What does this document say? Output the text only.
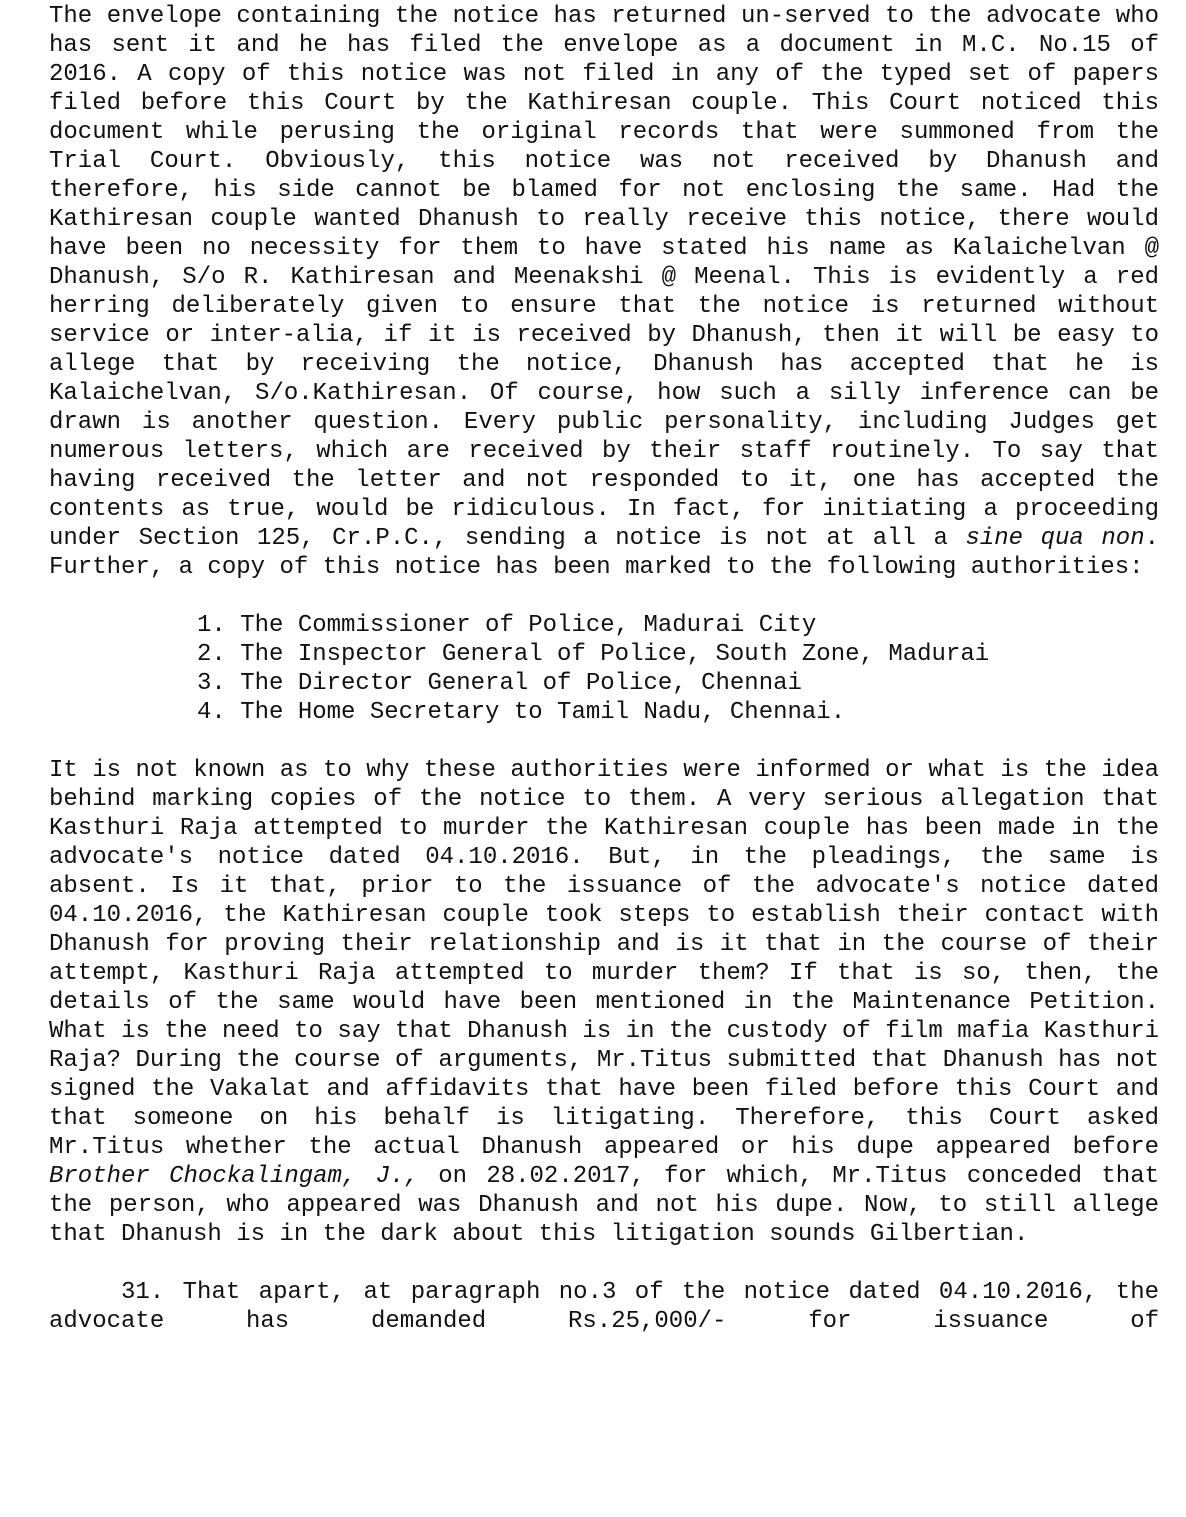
The envelope containing the notice has returned un-served to the advocate who has sent it and he has filed the envelope as a document in M.C. No.15 of 2016. A copy of this notice was not filed in any of the typed set of papers filed before this Court by the Kathiresan couple. This Court noticed this document while perusing the original records that were summoned from the Trial Court. Obviously, this notice was not received by Dhanush and therefore, his side cannot be blamed for not enclosing the same. Had the Kathiresan couple wanted Dhanush to really receive this notice, there would have been no necessity for them to have stated his name as Kalaichelvan @ Dhanush, S/o R. Kathiresan and Meenakshi @ Meenal. This is evidently a red herring deliberately given to ensure that the notice is returned without service or inter-alia, if it is received by Dhanush, then it will be easy to allege that by receiving the notice, Dhanush has accepted that he is Kalaichelvan, S/o.Kathiresan. Of course, how such a silly inference can be drawn is another question. Every public personality, including Judges get numerous letters, which are received by their staff routinely. To say that having received the letter and not responded to it, one has accepted the contents as true, would be ridiculous. In fact, for initiating a proceeding under Section 125, Cr.P.C., sending a notice is not at all a sine qua non. Further, a copy of this notice has been marked to the following authorities:

1. The Commissioner of Police, Madurai City
2. The Inspector General of Police, South Zone, Madurai
3. The Director General of Police, Chennai
4. The Home Secretary to Tamil Nadu, Chennai.

It is not known as to why these authorities were informed or what is the idea behind marking copies of the notice to them. A very serious allegation that Kasthuri Raja attempted to murder the Kathiresan couple has been made in the advocate's notice dated 04.10.2016. But, in the pleadings, the same is absent. Is it that, prior to the issuance of the advocate's notice dated 04.10.2016, the Kathiresan couple took steps to establish their contact with Dhanush for proving their relationship and is it that in the course of their attempt, Kasthuri Raja attempted to murder them? If that is so, then, the details of the same would have been mentioned in the Maintenance Petition. What is the need to say that Dhanush is in the custody of film mafia Kasthuri Raja? During the course of arguments, Mr.Titus submitted that Dhanush has not signed the Vakalat and affidavits that have been filed before this Court and that someone on his behalf is litigating. Therefore, this Court asked Mr.Titus whether the actual Dhanush appeared or his dupe appeared before Brother Chockalingam, J., on 28.02.2017, for which, Mr.Titus conceded that the person, who appeared was Dhanush and not his dupe. Now, to still allege that Dhanush is in the dark about this litigation sounds Gilbertian.

31. That apart, at paragraph no.3 of the notice dated 04.10.2016, the advocate has demanded Rs.25,000/- for issuance of
